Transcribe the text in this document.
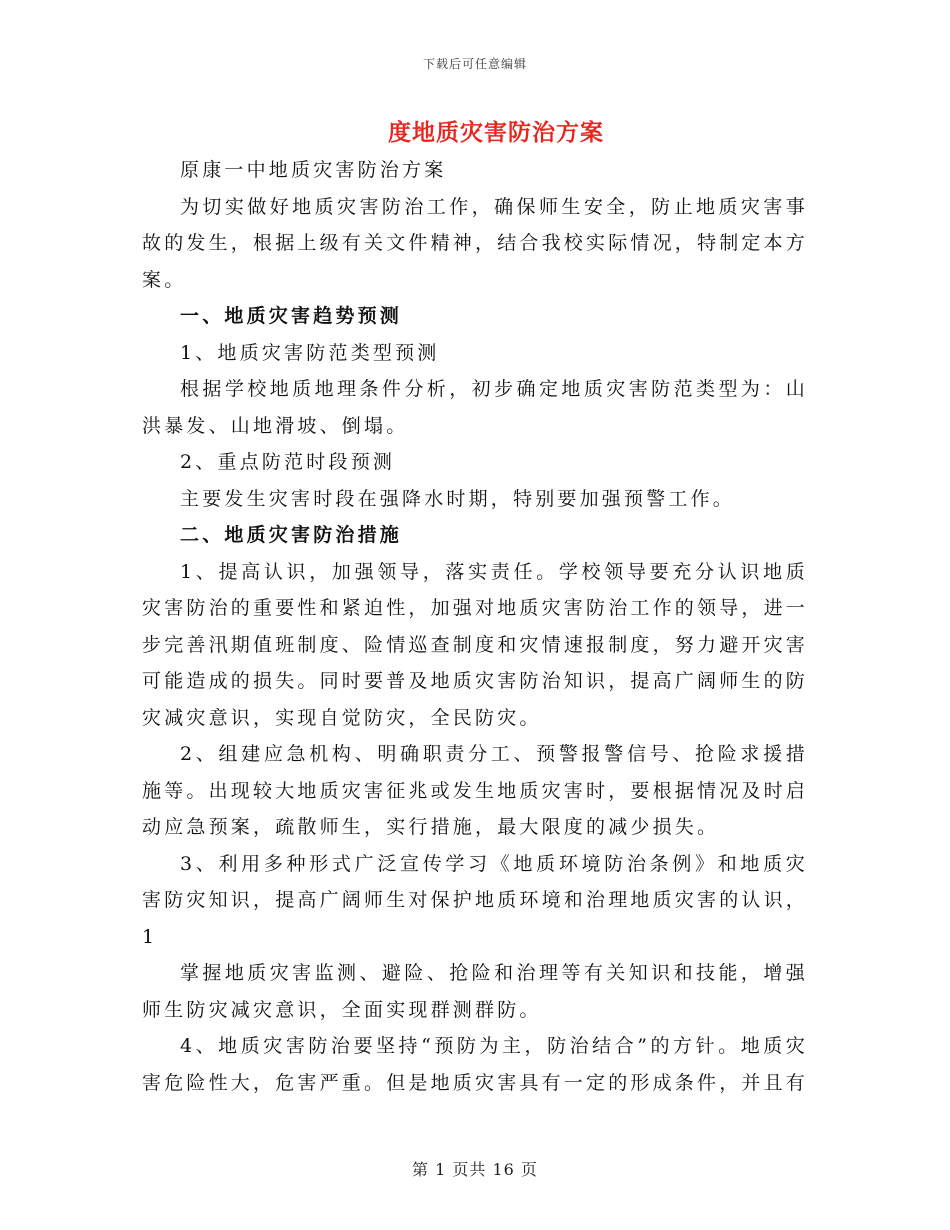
下载后可任意编辑
度地质灾害防治方案

原康一中地质灾害防治方案

为切实做好地质灾害防治工作，确保师生安全，防止地质灾害事故的发生，根据上级有关文件精神，结合我校实际情况，特制定本方案。

一、地质灾害趋势预测

1、地质灾害防范类型预测

根据学校地质地理条件分析，初步确定地质灾害防范类型为：山洪暴发、山地滑坡、倒塌。

2、重点防范时段预测

主要发生灾害时段在强降水时期，特别要加强预警工作。

二、地质灾害防治措施

1、提高认识，加强领导，落实责任。学校领导要充分认识地质灾害防治的重要性和紧迫性，加强对地质灾害防治工作的领导，进一步完善汛期值班制度、险情巡查制度和灾情速报制度，努力避开灾害可能造成的损失。同时要普及地质灾害防治知识，提高广阔师生的防灾减灾意识，实现自觉防灾，全民防灾。

2、组建应急机构、明确职责分工、预警报警信号、抢险求援措施等。出现较大地质灾害征兆或发生地质灾害时，要根据情况及时启动应急预案，疏散师生，实行措施，最大限度的减少损失。

3、利用多种形式广泛宣传学习《地质环境防治条例》和地质灾害防灾知识，提高广阔师生对保护地质环境和治理地质灾害的认识，1

掌握地质灾害监测、避险、抢险和治理等有关知识和技能，增强师生防灾减灾意识，全面实现群测群防。

4、地质灾害防治要坚持“预防为主，防治结合”的方针。地质灾害危险性大，危害严重。但是地质灾害具有一定的形成条件，并且有

第 1 页共 16 页
